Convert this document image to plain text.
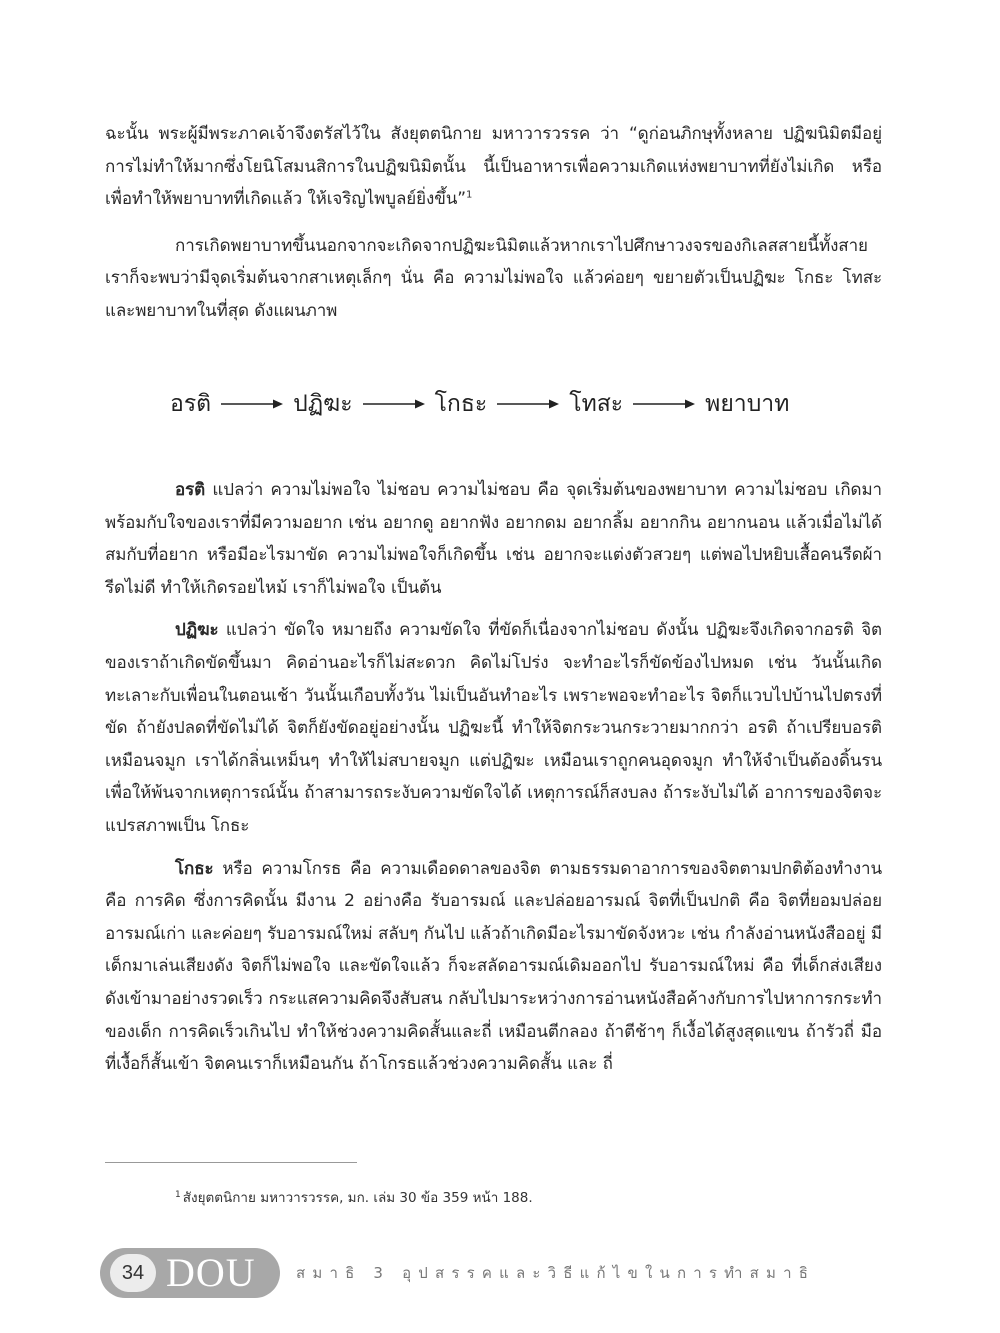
ฉะนั้น พระผู้มีพระภาคเจ้าจึงตรัสไว้ใน สังยุตตนิกาย มหาวารวรรค ว่า “ดูก่อนภิกษุทั้งหลาย ปฏิฆนิมิตมีอยู่ การไม่ทำให้มากซึ่งโยนิโสมนสิการในปฏิฆนิมิตนั้น นี้เป็นอาหารเพื่อความเกิดแห่งพยาบาทที่ยังไม่เกิด หรือเพื่อทำให้พยาบาทที่เกิดแล้ว ให้เจริญไพบูลย์ยิ่งขึ้น”$^1$

การเกิดพยาบาทขึ้นนอกจากจะเกิดจากปฏิฆะนิมิตแล้วหากเราไปศึกษาวงจรของกิเลสสายนี้ทั้งสาย เราก็จะพบว่ามีจุดเริ่มต้นจากสาเหตุเล็กๆ นั่น คือ ความไม่พอใจ แล้วค่อยๆ ขยายตัวเป็นปฏิฆะ โกธะ โทสะ และพยาบาทในที่สุด ดังแผนภาพ

อรติ	ปฏิฆะ	โกธะ	โทสะ	พยาบาท

อรติ แปลว่า ความไม่พอใจ ไม่ชอบ ความไม่ชอบ คือ จุดเริ่มต้นของพยาบาท ความไม่ชอบ เกิดมาพร้อมกับใจของเราที่มีความอยาก เช่น อยากดู อยากฟัง อยากดม อยากลิ้ม อยากกิน อยากนอน แล้วเมื่อไม่ได้สมกับที่อยาก หรือมีอะไรมาขัด ความไม่พอใจก็เกิดขึ้น เช่น อยากจะแต่งตัวสวยๆ แต่พอไปหยิบเสื้อคนรีดผ้า รีดไม่ดี ทำให้เกิดรอยไหม้ เราก็ไม่พอใจ เป็นต้น

ปฏิฆะ แปลว่า ขัดใจ หมายถึง ความขัดใจ ที่ขัดก็เนื่องจากไม่ชอบ ดังนั้น ปฏิฆะจึงเกิดจากอรติ จิตของเราถ้าเกิดขัดขึ้นมา คิดอ่านอะไรก็ไม่สะดวก คิดไม่โปร่ง จะทำอะไรก็ขัดข้องไปหมด เช่น วันนั้นเกิดทะเลาะกับเพื่อนในตอนเช้า วันนั้นเกือบทั้งวัน ไม่เป็นอันทำอะไร เพราะพอจะทำอะไร จิตก็แวบไปบ้านไปตรงที่ขัด ถ้ายังปลดที่ขัดไม่ได้ จิตก็ยังขัดอยู่อย่างนั้น ปฏิฆะนี้ ทำให้จิตกระวนกระวายมากกว่า อรติ ถ้าเปรียบอรติเหมือนจมูก เราได้กลิ่นเหม็นๆ ทำให้ไม่สบายจมูก แต่ปฏิฆะ เหมือนเราถูกคนอุดจมูก ทำให้จำเป็นต้องดิ้นรนเพื่อให้พ้นจากเหตุการณ์นั้น ถ้าสามารถระงับความขัดใจได้ เหตุการณ์ก็สงบลง ถ้าระงับไม่ได้ อาการของจิตจะแปรสภาพเป็น โกธะ

โกธะ หรือ ความโกรธ คือ ความเดือดดาลของจิต ตามธรรมดาอาการของจิตตามปกติต้องทำงาน คือ การคิด ซึ่งการคิดนั้น มีงาน 2 อย่างคือ รับอารมณ์ และปล่อยอารมณ์ จิตที่เป็นปกติ คือ จิตที่ยอมปล่อยอารมณ์เก่า และค่อยๆ รับอารมณ์ใหม่ สลับๆ กันไป แล้วถ้าเกิดมีอะไรมาขัดจังหวะ เช่น กำลังอ่านหนังสืออยู่ มีเด็กมาเล่นเสียงดัง จิตก็ไม่พอใจ และขัดใจแล้ว ก็จะสลัดอารมณ์เดิมออกไป รับอารมณ์ใหม่ คือ ที่เด็กส่งเสียงดังเข้ามาอย่างรวดเร็ว กระแสความคิดจึงสับสน กลับไปมาระหว่างการอ่านหนังสือค้างกับการไปหาการกระทำของเด็ก การคิดเร็วเกินไป ทำให้ช่วงความคิดสั้นและถี่ เหมือนตีกลอง ถ้าตีช้าๆ ก็เงื้อได้สูงสุดแขน ถ้ารัวถี่ มือที่เงื้อก็สั้นเข้า จิตคนเราก็เหมือนกัน ถ้าโกรธแล้วช่วงความคิดสั้น และ ถี่

$^1$ สังยุตตนิกาย มหาวารวรรค, มก. เล่ม 30 ข้อ 359 หน้า 188.
34 DOU	สมาธิ 3 อุปสรรคและวิธีแก้ไขในการทำสมาธิ
